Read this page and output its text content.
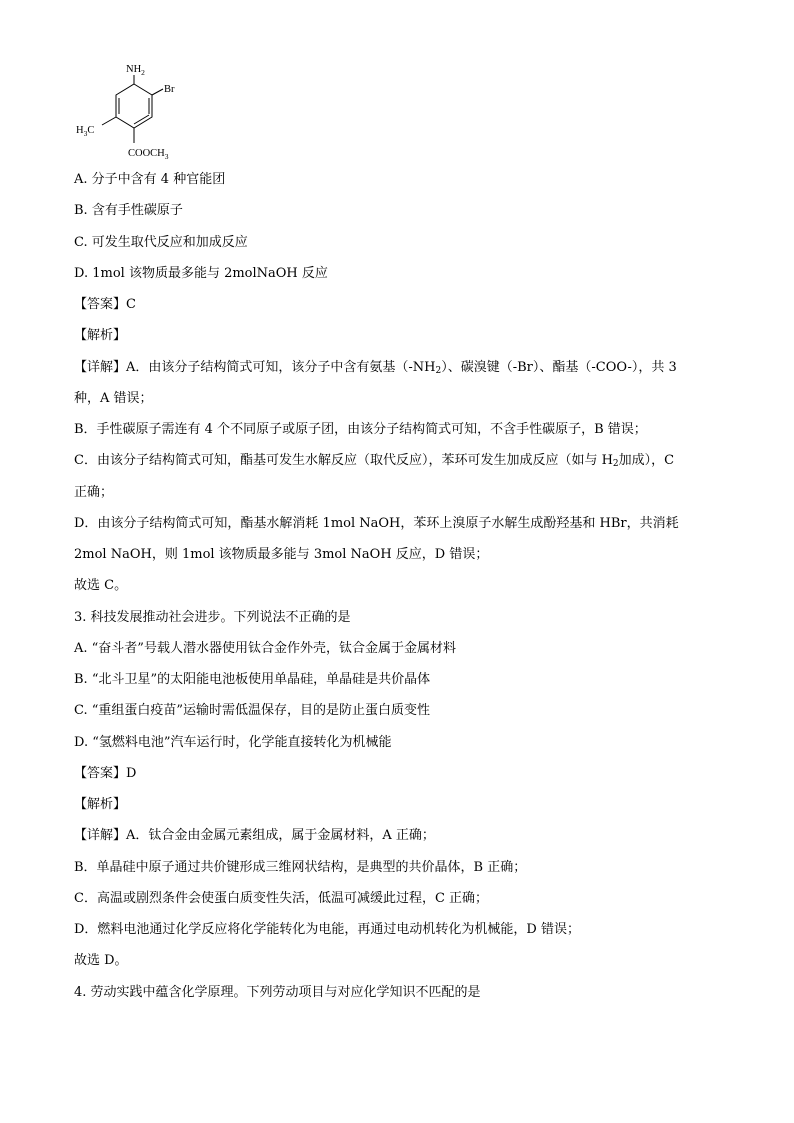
$NH_2$
Br
$H_3C$
$COOCH_3$
A. 分子中含有 4 种官能团
B. 含有手性碳原子
C. 可发生取代反应和加成反应
D. 1mol 该物质最多能与 2molNaOH 反应
【答案】C
【解析】
【详解】A．由该分子结构简式可知，该分子中含有氨基$(-NH_2)$、碳溴键（-Br）、酯基（-COO-），共 3
种，A 错误；
B．手性碳原子需连有 4 个不同原子或原子团，由该分子结构简式可知，不含手性碳原子，B 错误；
C．由该分子结构简式可知，酯基可发生水解反应（取代反应），苯环可发生加成反应（如与 $H_2$加成），C
正确；
D．由该分子结构简式可知，酯基水解消耗 1mol NaOH，苯环上溴原子水解生成酚羟基和 HBr，共消耗
2mol NaOH，则 1mol 该物质最多能与 3mol NaOH 反应，D 错误；
故选 C。
3. 科技发展推动社会进步。下列说法不正确的是
A. “奋斗者”号载人潜水器使用钛合金作外壳，钛合金属于金属材料
B. “北斗卫星”的太阳能电池板使用单晶硅，单晶硅是共价晶体
C. “重组蛋白疫苗”运输时需低温保存，目的是防止蛋白质变性
D. “氢燃料电池”汽车运行时，化学能直接转化为机械能
【答案】D
【解析】
【详解】A．钛合金由金属元素组成，属于金属材料，A 正确；
B．单晶硅中原子通过共价键形成三维网状结构，是典型的共价晶体，B 正确；
C．高温或剧烈条件会使蛋白质变性失活，低温可减缓此过程，C 正确；
D．燃料电池通过化学反应将化学能转化为电能，再通过电动机转化为机械能，D 错误；
故选 D。
4. 劳动实践中蕴含化学原理。下列劳动项目与对应化学知识不匹配的是
